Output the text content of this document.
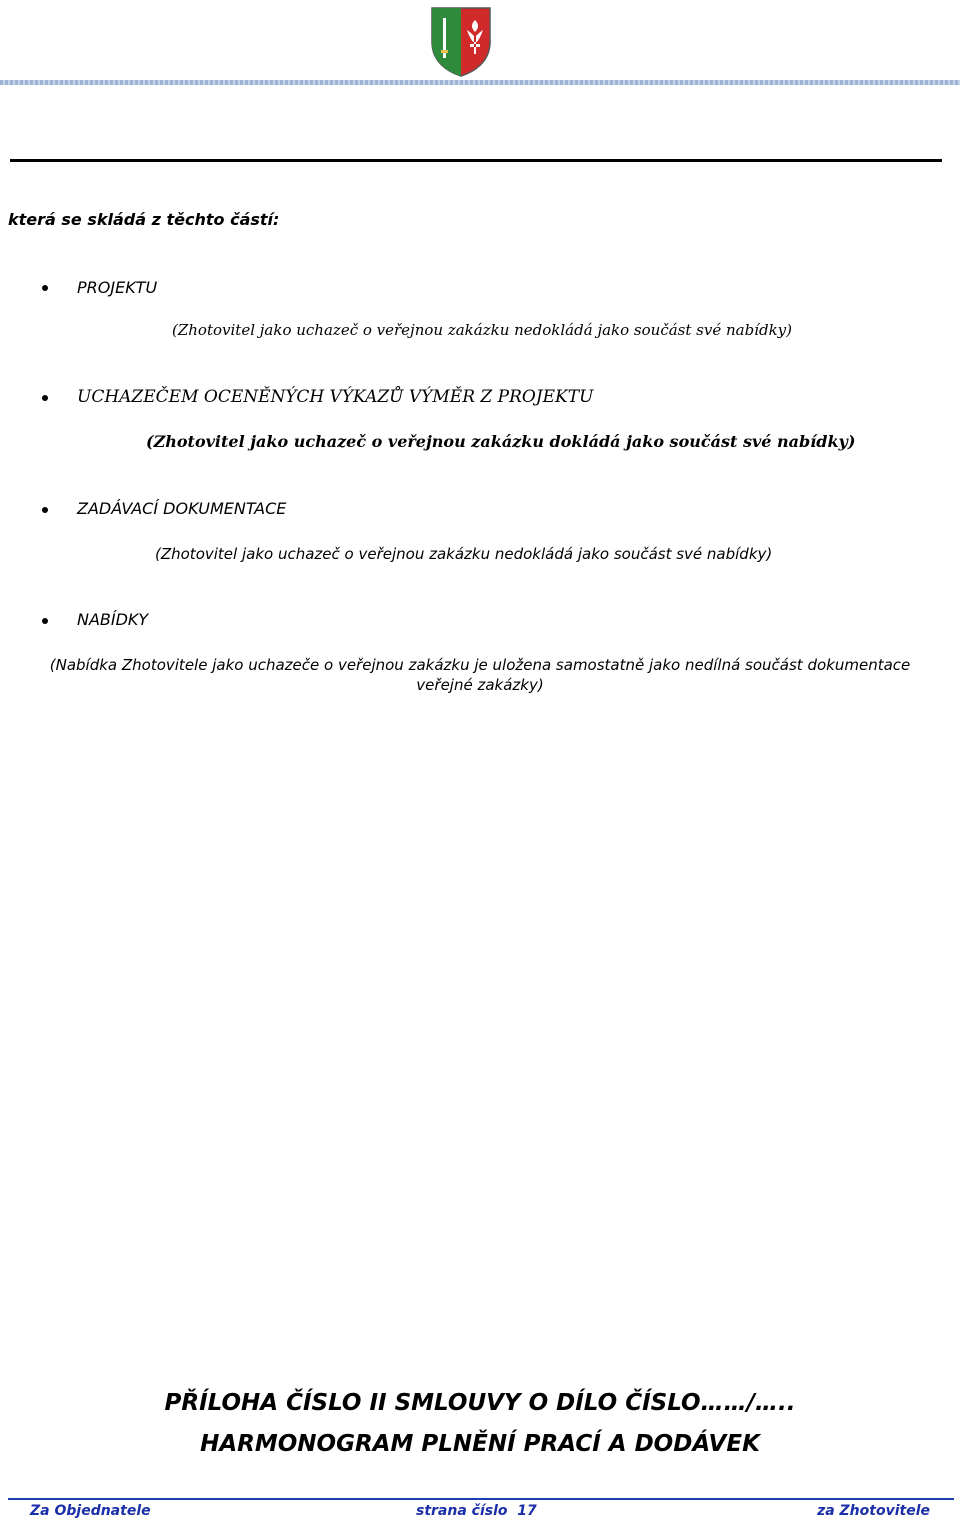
která se skládá z těchto částí:
PROJEKTU
(Zhotovitel jako uchazeč o veřejnou zakázku nedokládá jako součást své nabídky)
UCHAZEČEM OCENĚNÝCH VÝKAZŮ VÝMĚR Z PROJEKTU
(Zhotovitel jako uchazeč o veřejnou zakázku dokládá jako součást své nabídky)
ZADÁVACÍ DOKUMENTACE
(Zhotovitel jako uchazeč o veřejnou zakázku nedokládá jako součást své nabídky)
NABÍDKY
(Nabídka Zhotovitele jako uchazeče o veřejnou zakázku je uložena samostatně jako nedílná součást dokumentace veřejné zakázky)
PŘÍLOHA ČÍSLO II SMLOUVY O DÍLO ČÍSLO……/…..
HARMONOGRAM PLNĚNÍ PRACÍ A DODÁVEK
Za Objednatele	strana číslo  17	za Zhotovitele
